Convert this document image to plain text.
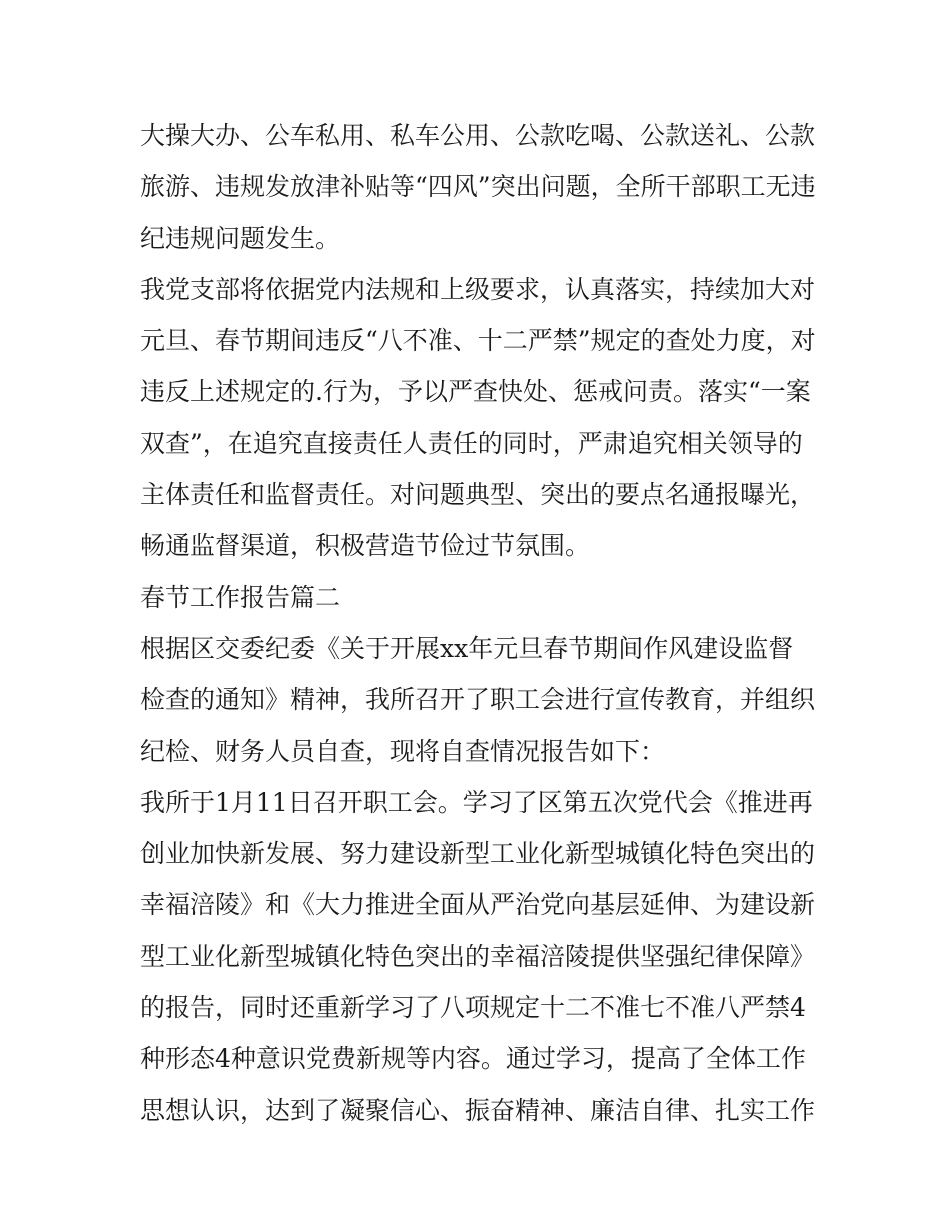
大操大办、公车私用、私车公用、公款吃喝、公款送礼、公款
旅游、违规发放津补贴等“四风”突出问题，全所干部职工无违
纪违规问题发生。
我党支部将依据党内法规和上级要求，认真落实，持续加大对
元旦、春节期间违反“八不准、十二严禁”规定的查处力度，对
违反上述规定的.行为，予以严查快处、惩戒问责。落实“一案
双查”，在追究直接责任人责任的同时，严肃追究相关领导的
主体责任和监督责任。对问题典型、突出的要点名通报曝光，
畅通监督渠道，积极营造节俭过节氛围。
春节工作报告篇二
根据区交委纪委《关于开展xx年元旦春节期间作风建设监督
检查的通知》精神，我所召开了职工会进行宣传教育，并组织
纪检、财务人员自查，现将自查情况报告如下：
我所于1月11日召开职工会。学习了区第五次党代会《推进再
创业加快新发展、努力建设新型工业化新型城镇化特色突出的
幸福涪陵》和《大力推进全面从严治党向基层延伸、为建设新
型工业化新型城镇化特色突出的幸福涪陵提供坚强纪律保障》
的报告，同时还重新学习了八项规定十二不准七不准八严禁4
种形态4种意识党费新规等内容。通过学习，提高了全体工作
思想认识，达到了凝聚信心、振奋精神、廉洁自律、扎实工作
